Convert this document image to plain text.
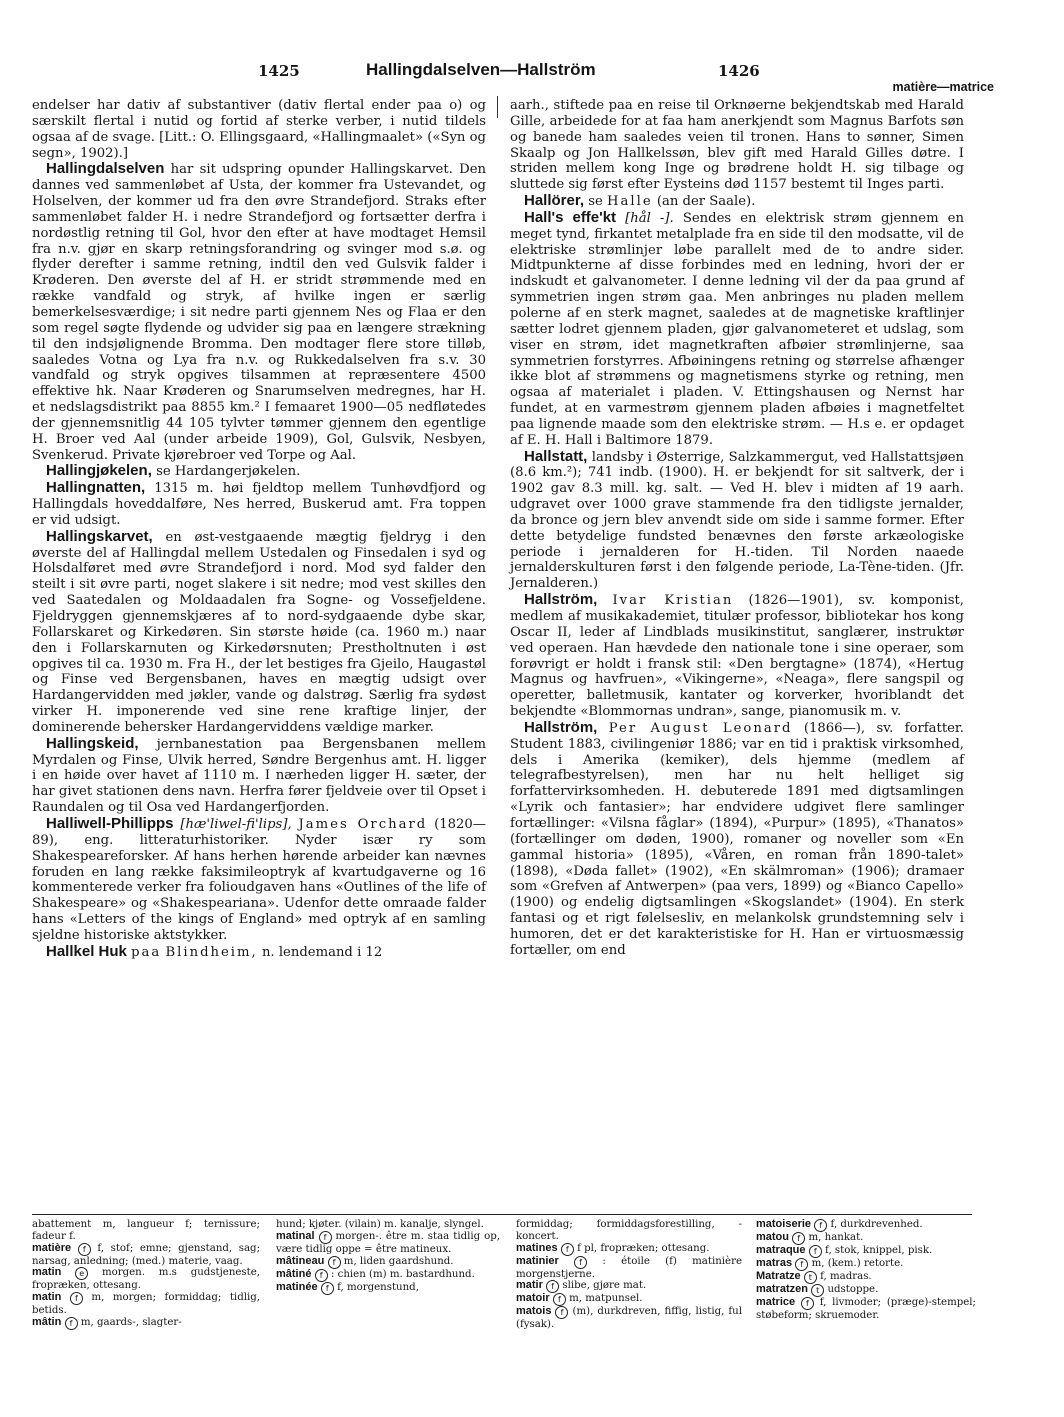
1425	Hallingdalselven—Hallström	1426
matière—matrice

endelser har dativ af substantiver (dativ flertal ender paa o) og særskilt flertal i nutid og fortid af sterke verber, i nutid tildels ogsaa af de svage. [Litt.: O. Ellingsgaard, «Hallingmaalet» («Syn og segn», 1902).]

Hallingdalselven har sit udspring opunder Hallingskarvet. Den dannes ved sammenløbet af Usta, der kommer fra Ustevandet, og Holselven, der kommer ud fra den øvre Strandefjord. Straks efter sammenløbet falder H. i nedre Strandefjord og fortsætter derfra i nordøstlig retning til Gol, hvor den efter at have modtaget Hemsil fra n.v. gjør en skarp retningsforandring og svinger mod s.ø. og flyder derefter i samme retning, indtil den ved Gulsvik falder i Krøderen. Den øverste del af H. er stridt strømmende med en række vandfald og stryk, af hvilke ingen er særlig bemerkelsesværdige; i sit nedre parti gjennem Nes og Flaa er den som regel søgte flydende og udvider sig paa en længere strækning til den indsjølignende Bromma. Den modtager flere store tilløb, saaledes Votna og Lya fra n.v. og Rukkedalselven fra s.v. 30 vandfald og stryk opgives tilsammen at repræsentere 4500 effektive hk. Naar Krøderen og Snarumselven medregnes, har H. et nedslagsdistrikt paa 8855 km.² I femaaret 1900—05 nedfløtedes der gjennemsnitlig 44 105 tylvter tømmer gjennem den egentlige H. Broer ved Aal (under arbeide 1909), Gol, Gulsvik, Nesbyen, Svenkerud. Private kjørebroer ved Torpe og Aal.

Hallingjøkelen, se Hardangerjøkelen.

Hallingnatten, 1315 m. høi fjeldtop mellem Tunhøvdfjord og Hallingdals hoveddalføre, Nes herred, Buskerud amt. Fra toppen er vid udsigt.

Hallingskarvet, en øst-vestgaaende mægtig fjeldryg i den øverste del af Hallingdal mellem Ustedalen og Finsedalen i syd og Holsdalføret med øvre Strandefjord i nord. Mod syd falder den steilt i sit øvre parti, noget slakere i sit nedre; mod vest skilles den ved Saatedalen og Moldaadalen fra Sogne- og Vossefjeldene. Fjeldryggen gjennemskjæres af to nord-sydgaaende dybe skar, Follarskaret og Kirkedøren. Sin største høide (ca. 1960 m.) naar den i Follarskarnuten og Kirkedørsnuten; Prestholtnuten i øst opgives til ca. 1930 m. Fra H., der let bestiges fra Gjeilo, Haugastøl og Finse ved Bergensbanen, haves en mægtig udsigt over Hardangervidden med jøkler, vande og dalstrøg. Særlig fra sydøst virker H. imponerende ved sine rene kraftige linjer, der dominerende behersker Hardangerviddens vældige marker.

Hallingskeid, jernbanestation paa Bergensbanen mellem Myrdalen og Finse, Ulvik herred, Søndre Bergenhus amt. H. ligger i en høide over havet af 1110 m. I nærheden ligger H. sæter, der har givet stationen dens navn. Herfra fører fjeldveie over til Opset i Raundalen og til Osa ved Hardangerfjorden.

Halliwell-Phillipps [hæ'liwel-fi'lips], James Orchard (1820—89), eng. litteraturhistoriker. Nyder især ry som Shakespeareforsker. Af hans herhen hørende arbeider kan nævnes foruden en lang række faksimileoptryk af kvartudgaverne og 16 kommenterede verker fra folioudgaven hans «Outlines of the life of Shakespeare» og «Shakespeariana». Udenfor dette omraade falder hans «Letters of the kings of England» med optryk af en samling sjeldne historiske aktstykker.

Hallkel Huk paa Blindheim, n. lendemand i 12

aarh., stiftede paa en reise til Orknøerne bekjendtskab med Harald Gille, arbeidede for at faa ham anerkjendt som Magnus Barfots søn og banede ham saaledes veien til tronen. Hans to sønner, Simen Skaalp og Jon Hallkelssøn, blev gift med Harald Gilles døtre. I striden mellem kong Inge og brødrene holdt H. sig tilbage og sluttede sig først efter Eysteins død 1157 bestemt til Inges parti.

Hallörer, se Halle (an der Saale).

Hall's effe'kt [hål -]. Sendes en elektrisk strøm gjennem en meget tynd, firkantet metalplade fra en side til den modsatte, vil de elektriske strømlinjer løbe parallelt med de to andre sider. Midtpunkterne af disse forbindes med en ledning, hvori der er indskudt et galvanometer. I denne ledning vil der da paa grund af symmetrien ingen strøm gaa. Men anbringes nu pladen mellem polerne af en sterk magnet, saaledes at de magnetiske kraftlinjer sætter lodret gjennem pladen, gjør galvanometeret et udslag, som viser en strøm, idet magnetkraften afbøier strømlinjerne, saa symmetrien forstyrres. Afbøiningens retning og størrelse afhænger ikke blot af strømmens og magnetismens styrke og retning, men ogsaa af materialet i pladen. V. Ettingshausen og Nernst har fundet, at en varmestrøm gjennem pladen afbøies i magnetfeltet paa lignende maade som den elektriske strøm. — H.s e. er opdaget af E. H. Hall i Baltimore 1879.

Hallstatt, landsby i Østerrige, Salzkammergut, ved Hallstattsjøen (8.6 km.²); 741 indb. (1900). H. er bekjendt for sit saltverk, der i 1902 gav 8.3 mill. kg. salt. — Ved H. blev i midten af 19 aarh. udgravet over 1000 grave stammende fra den tidligste jernalder, da bronce og jern blev anvendt side om side i samme former. Efter dette betydelige fundsted benævnes den første arkæologiske periode i jernalderen for H.-tiden. Til Norden naaede jernalderskulturen først i den følgende periode, La-Tène-tiden. (Jfr. Jernalderen.)

Hallström, Ivar Kristian (1826—1901), sv. komponist, medlem af musikakademiet, titulær professor, bibliotekar hos kong Oscar II, leder af Lindblads musikinstitut, sanglærer, instruktør ved operaen. Han hævdede den nationale tone i sine operaer, som forøvrigt er holdt i fransk stil: «Den bergtagne» (1874), «Hertug Magnus og havfruen», «Vikingerne», «Neaga», flere sangspil og operetter, balletmusik, kantater og korverker, hvoriblandt det bekjendte «Blommornas undran», sange, pianomusik m. v.

Hallström, Per August Leonard (1866—), sv. forfatter. Student 1883, civilingeniør 1886; var en tid i praktisk virksomhed, dels i Amerika (kemiker), dels hjemme (medlem af telegrafbestyrelsen), men har nu helt helliget sig forfattervirksomheden. H. debuterede 1891 med digtsamlingen «Lyrik och fantasier»; har endvidere udgivet flere samlinger fortællinger: «Vilsna fåglar» (1894), «Purpur» (1895), «Thanatos» (fortællinger om døden, 1900), romaner og noveller som «En gammal historia» (1895), «Våren, en roman från 1890-talet» (1898), «Døda fallet» (1902), «En skälmroman» (1906); dramaer som «Grefven af Antwerpen» (paa vers, 1899) og «Bianco Capello» (1900) og endelig digtsamlingen «Skogslandet» (1904). En sterk fantasi og et rigt følelsesliv, en melankolsk grundstemning selv i humoren, det er det karakteristiske for H. Han er virtuosmæssig fortæller, om end

abattement m, langueur f; ternissure; fadeur f.

matière f f, stof; emne; gjenstand, sag; narsag, anledning; (med.) materie, vaag.

matin e morgen. m.s gudstjeneste, fropræken, ottesang.

matin f m, morgen; formiddag; tidlig, betids.

mâtin f m, gaards-, slagter-

hund; kjøter. (vilain) m. kanalje, slyngel.

matinal f morgen-. être m. staa tidlig op, være tidlig oppe = être matineux.

mâtineau f m, liden gaardshund.

mâtiné f : chien (m) m. bastardhund.

matinée f f, morgenstund,

formiddag; formiddagsforestilling, -koncert.

matines f f pl, fropræken; ottesang.

matinier	f : étoile (f) matinière morgenstjerne.

matir f slibe, gjøre mat.

matoir f m, matpunsel.

matois f (m), durkdreven, fiffig, listig, ful (fysak).

matoiserie f f, durkdrevenhed.

matou f m, hankat.

matraque f f, stok, knippel, pisk.

matras f m, (kem.) retorte.

Matratze t f, madras.

matratzen t udstoppe.

matrice f f, livmoder; (præge)-stempel; støbeform; skruemoder.
